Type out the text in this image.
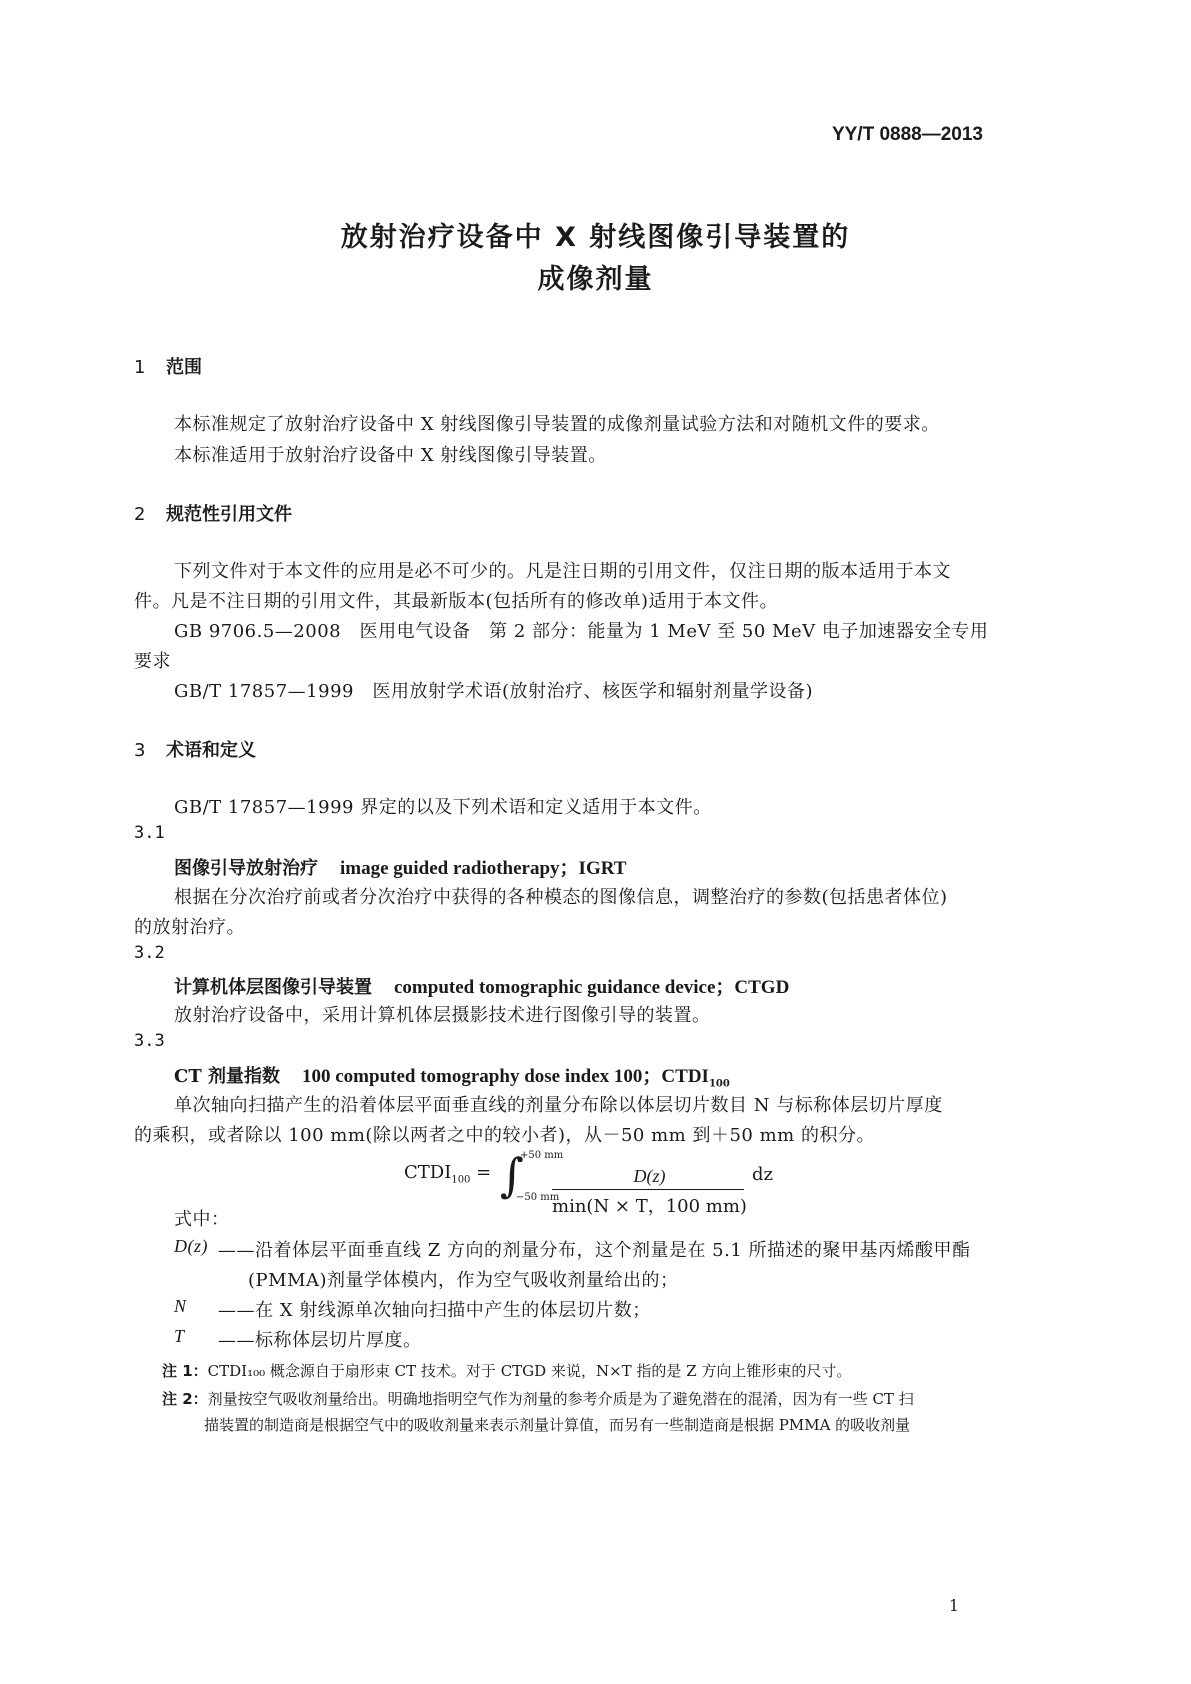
YY/T 0888—2013
放射治疗设备中 X 射线图像引导装置的
成像剂量
1 范围
本标准规定了放射治疗设备中 X 射线图像引导装置的成像剂量试验方法和对随机文件的要求。
本标准适用于放射治疗设备中 X 射线图像引导装置。
2 规范性引用文件
下列文件对于本文件的应用是必不可少的。凡是注日期的引用文件，仅注日期的版本适用于本文
件。凡是不注日期的引用文件，其最新版本(包括所有的修改单)适用于本文件。
GB 9706.5—2008　医用电气设备　第 2 部分：能量为 1 MeV 至 50 MeV 电子加速器安全专用
要求
GB/T 17857—1999　医用放射学术语(放射治疗、核医学和辐射剂量学设备)
3 术语和定义
GB/T 17857—1999 界定的以及下列术语和定义适用于本文件。
3.1
图像引导放射治疗 image guided radiotherapy；IGRT
根据在分次治疗前或者分次治疗中获得的各种模态的图像信息，调整治疗的参数(包括患者体位)
的放射治疗。
3.2
计算机体层图像引导装置 computed tomographic guidance device；CTGD
放射治疗设备中，采用计算机体层摄影技术进行图像引导的装置。
3.3
CT 剂量指数 100 computed tomography dose index 100；$CTDI_{100}$
单次轴向扫描产生的沿着体层平面垂直线的剂量分布除以体层切片数目 N 与标称体层切片厚度
的乘积，或者除以 100 mm(除以两者之中的较小者)，从－50 mm 到＋50 mm 的积分。
$CTDI_{100}$ = ∫
+50 mm
−50 mm
D(z)
min(N × T，100 mm)
dz
式中：
D(z) ——沿着体层平面垂直线 Z 方向的剂量分布，这个剂量是在 5.1 所描述的聚甲基丙烯酸甲酯
(PMMA)剂量学体模内，作为空气吸收剂量给出的；
N ——在 X 射线源单次轴向扫描中产生的体层切片数；
T ——标称体层切片厚度。
注 1：CTDI₁₀₀ 概念源自于扇形束 CT 技术。对于 CTGD 来说，N×T 指的是 Z 方向上锥形束的尺寸。
注 2：剂量按空气吸收剂量给出。明确地指明空气作为剂量的参考介质是为了避免潜在的混淆，因为有一些 CT 扫
描装置的制造商是根据空气中的吸收剂量来表示剂量计算值，而另有一些制造商是根据 PMMA 的吸收剂量
1
